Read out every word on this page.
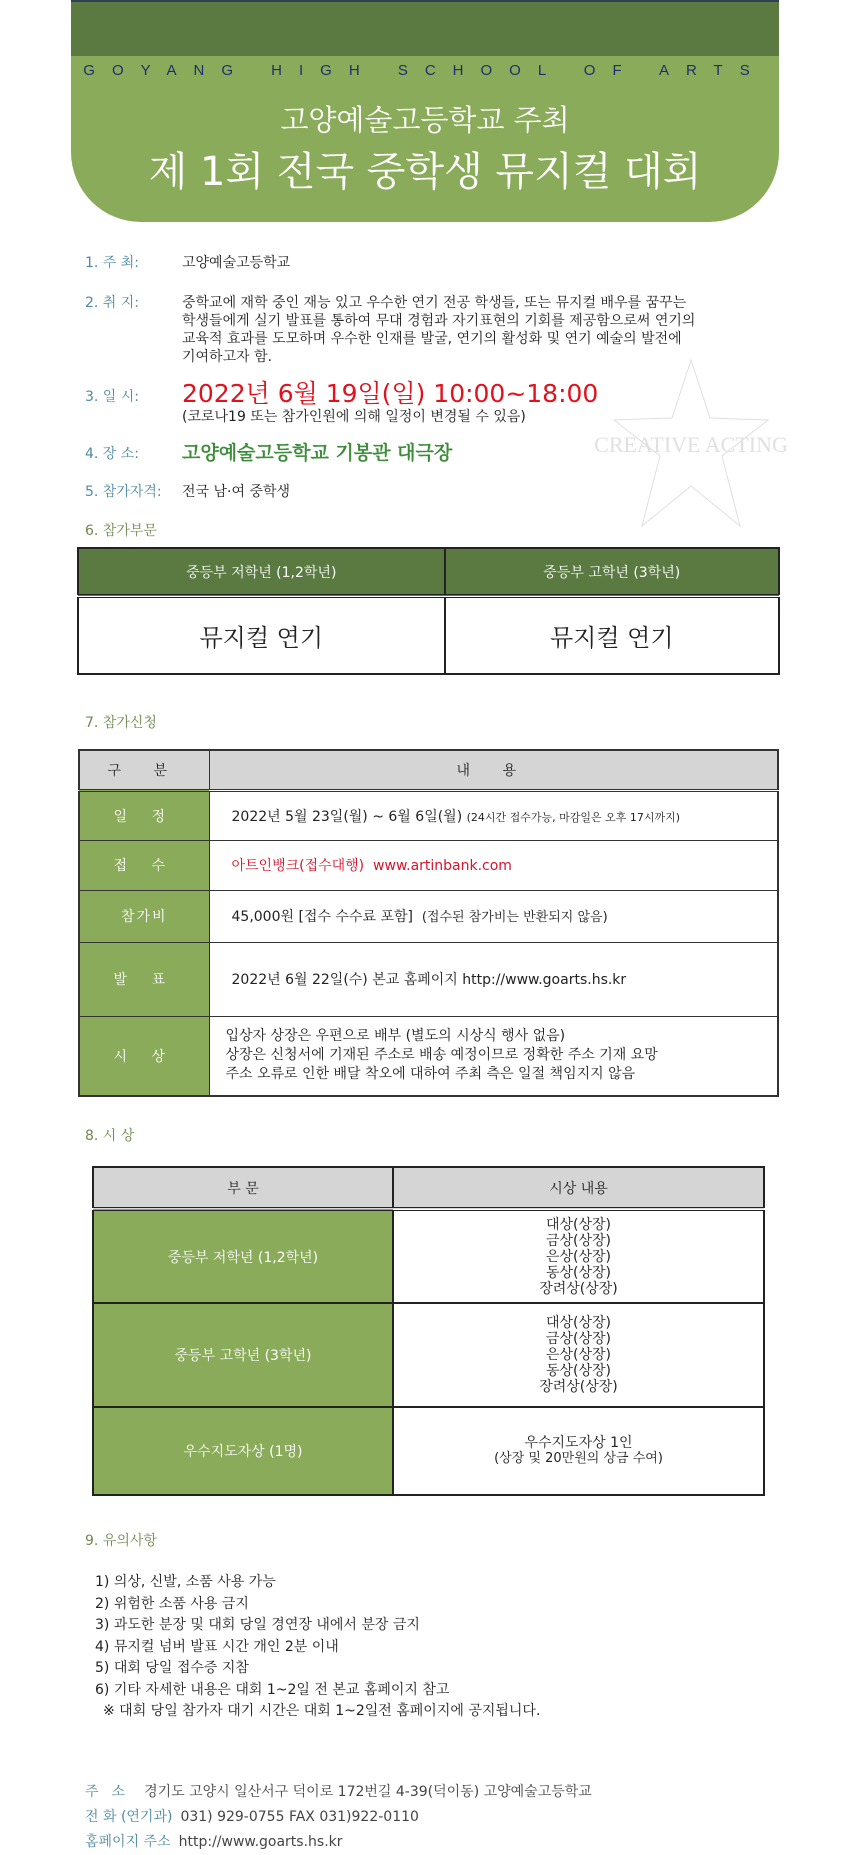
GOYANG HIGH SCHOOL OF ARTS
고양예술고등학교 주최
제 1회 전국 중학생 뮤지컬 대회
1. 주 최:	고양예술고등학교
2. 취 지:	중학교에 재학 중인 재능 있고 우수한 연기 전공 학생들, 또는 뮤지컬 배우를 꿈꾸는
학생들에게 실기 발표를 통하여 무대 경험과 자기표현의 기회를 제공함으로써 연기의
교육적 효과를 도모하며 우수한 인재를 발굴, 연기의 활성화 및 연기 예술의 발전에
기여하고자 함.
3. 일 시: 2022년 6월 19일(일) 10:00~18:00
(코로나19 또는 참가인원에 의해 일정이 변경될 수 있음)
4. 장 소: 고양예술고등학교 기봉관 대극장
5. 참가자격: 전국 남·여 중학생
6. 참가부문
CREATIVE ACTING
중등부 저학년 (1,2학년)	중등부 고학년 (3학년)
뮤지컬 연기	뮤지컬 연기
7. 참가신청
구 분	내 용
일 정	2022년 5월 23일(월) ~ 6월 6일(월) (24시간 접수가능, 마감일은 오후 17시까지)
접 수	아트인뱅크(접수대행) www.artinbank.com
참가비	45,000원 [접수 수수료 포함] (접수된 참가비는 반환되지 않음)
발 표	2022년 6월 22일(수) 본교 홈페이지 http://www.goarts.hs.kr
시 상	입상자 상장은 우편으로 배부 (별도의 시상식 행사 없음)
상장은 신청서에 기재된 주소로 배송 예정이므로 정확한 주소 기재 요망
주소 오류로 인한 배달 착오에 대하여 주최 측은 일절 책임지지 않음
8. 시 상
부 문	시상 내용
중등부 저학년 (1,2학년)	대상(상장)
금상(상장)
은상(상장)
동상(상장)
장려상(상장)

중등부 고학년 (3학년)	대상(상장)
금상(상장)
은상(상장)
동상(상장)
장려상(상장)

우수지도자상 (1명)	우수지도자상 1인
(상장 및 20만원의 상금 수여)
9. 유의사항
1) 의상, 신발, 소품 사용 가능
2) 위험한 소품 사용 금지
3) 과도한 분장 및 대회 당일 경연장 내에서 분장 금지
4) 뮤지컬 넘버 발표 시간 개인 2분 이내
5) 대회 당일 접수증 지참
6) 기타 자세한 내용은 대회 1~2일 전 본교 홈페이지 참고
※ 대회 당일 참가자 대기 시간은 대회 1~2일전 홈페이지에 공지됩니다.
주소 경기도 고양시 일산서구 덕이로 172번길 4-39(덕이동) 고양예술고등학교
전 화 (연기과) 031) 929-0755 FAX 031)922-0110
홈페이지 주소 http://www.goarts.hs.kr
